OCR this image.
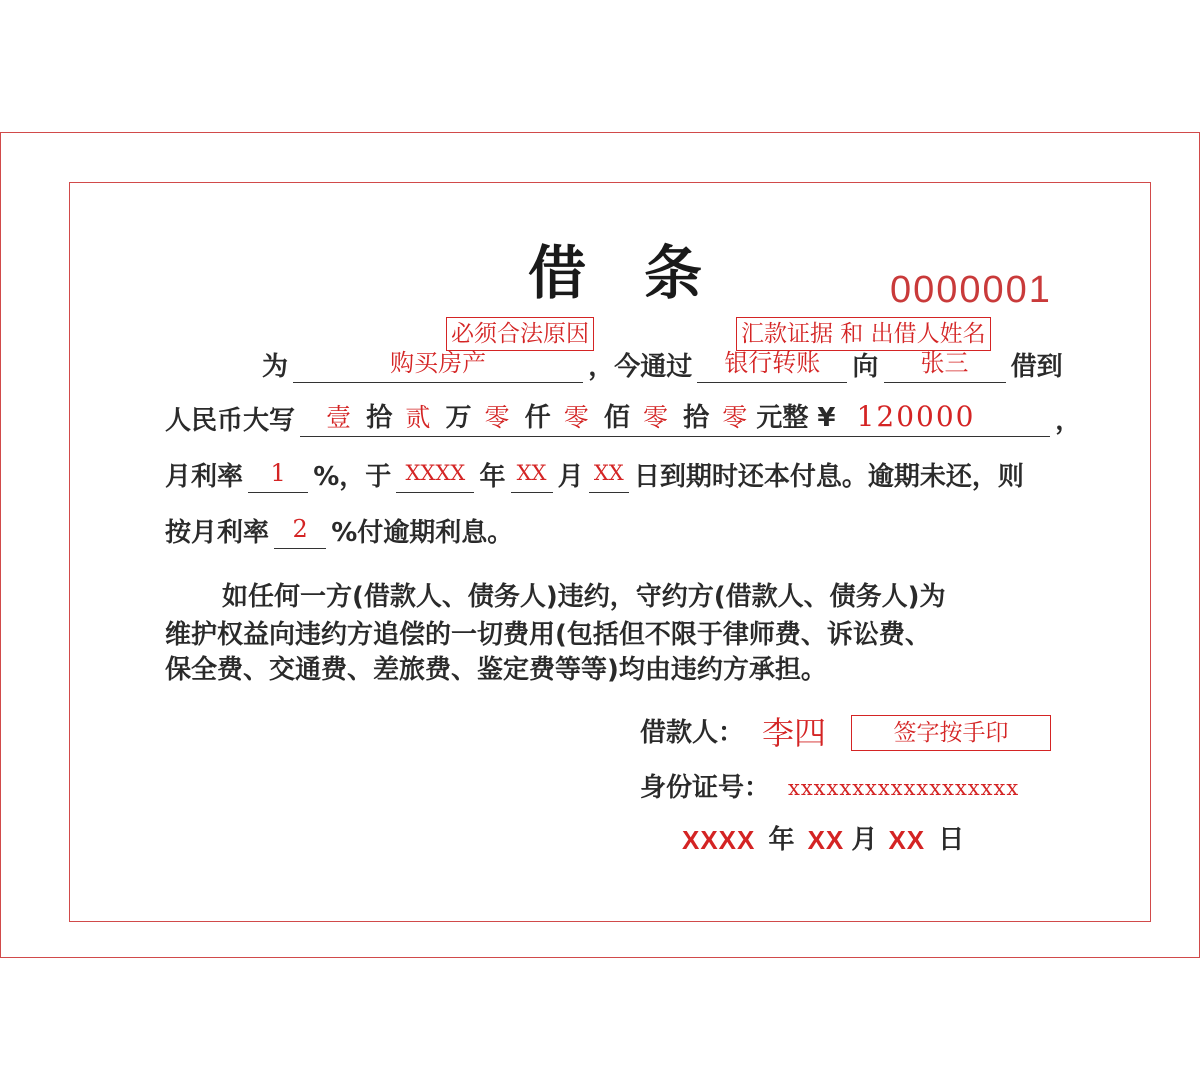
借　条	0000001
必须合法原因	汇款证据 和 出借人姓名
为	购买房产	，今通过 银行转账 向 张三 借到
人民币大写 壹 拾 贰 万 零 仟 零 佰 零 拾 零 元整 ¥ 120000	，
月利率 1 %，于 XXXX 年 XX 月 XX 日到期时还本付息。逾期未还，则
按月利率 2 %付逾期利息。
如任何一方(借款人、债务人)违约，守约方(借款人、债务人)为
维护权益向违约方追偿的一切费用(包括但不限于律师费、诉讼费、
保全费、交通费、差旅费、鉴定费等等)均由违约方承担。
借款人： 李四	签字按手印
身份证号： xxxxxxxxxxxxxxxxxx
XXXX 年 XX 月 XX 日
